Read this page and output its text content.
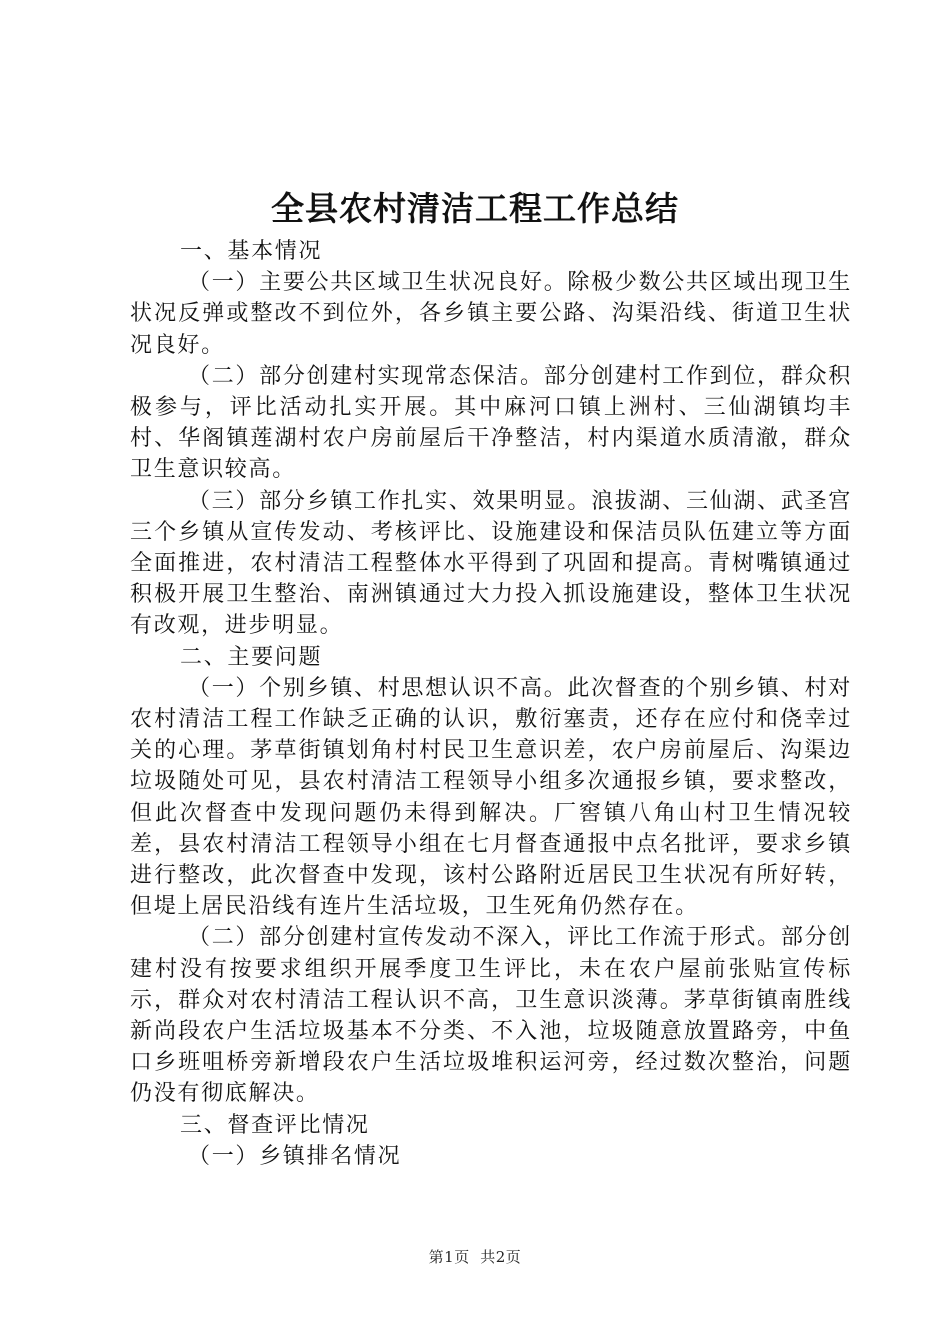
全县农村清洁工程工作总结

一、基本情况

（一）主要公共区域卫生状况良好。除极少数公共区域出现卫生状况反弹或整改不到位外，各乡镇主要公路、沟渠沿线、街道卫生状况良好。

（二）部分创建村实现常态保洁。部分创建村工作到位，群众积极参与，评比活动扎实开展。其中麻河口镇上洲村、三仙湖镇均丰村、华阁镇莲湖村农户房前屋后干净整洁，村内渠道水质清澈，群众卫生意识较高。

（三）部分乡镇工作扎实、效果明显。浪拔湖、三仙湖、武圣宫三个乡镇从宣传发动、考核评比、设施建设和保洁员队伍建立等方面全面推进，农村清洁工程整体水平得到了巩固和提高。青树嘴镇通过积极开展卫生整治、南洲镇通过大力投入抓设施建设，整体卫生状况有改观，进步明显。

二、主要问题

（一）个别乡镇、村思想认识不高。此次督查的个别乡镇、村对农村清洁工程工作缺乏正确的认识，敷衍塞责，还存在应付和侥幸过关的心理。茅草街镇划角村村民卫生意识差，农户房前屋后、沟渠边垃圾随处可见，县农村清洁工程领导小组多次通报乡镇，要求整改，但此次督查中发现问题仍未得到解决。厂窖镇八角山村卫生情况较差，县农村清洁工程领导小组在七月督查通报中点名批评，要求乡镇进行整改，此次督查中发现，该村公路附近居民卫生状况有所好转，但堤上居民沿线有连片生活垃圾，卫生死角仍然存在。

（二）部分创建村宣传发动不深入，评比工作流于形式。部分创建村没有按要求组织开展季度卫生评比，未在农户屋前张贴宣传标示，群众对农村清洁工程认识不高，卫生意识淡薄。茅草街镇南胜线新尚段农户生活垃圾基本不分类、不入池，垃圾随意放置路旁，中鱼口乡班咀桥旁新增段农户生活垃圾堆积运河旁，经过数次整治，问题仍没有彻底解决。

三、督查评比情况

（一）乡镇排名情况

第1页 共2页
